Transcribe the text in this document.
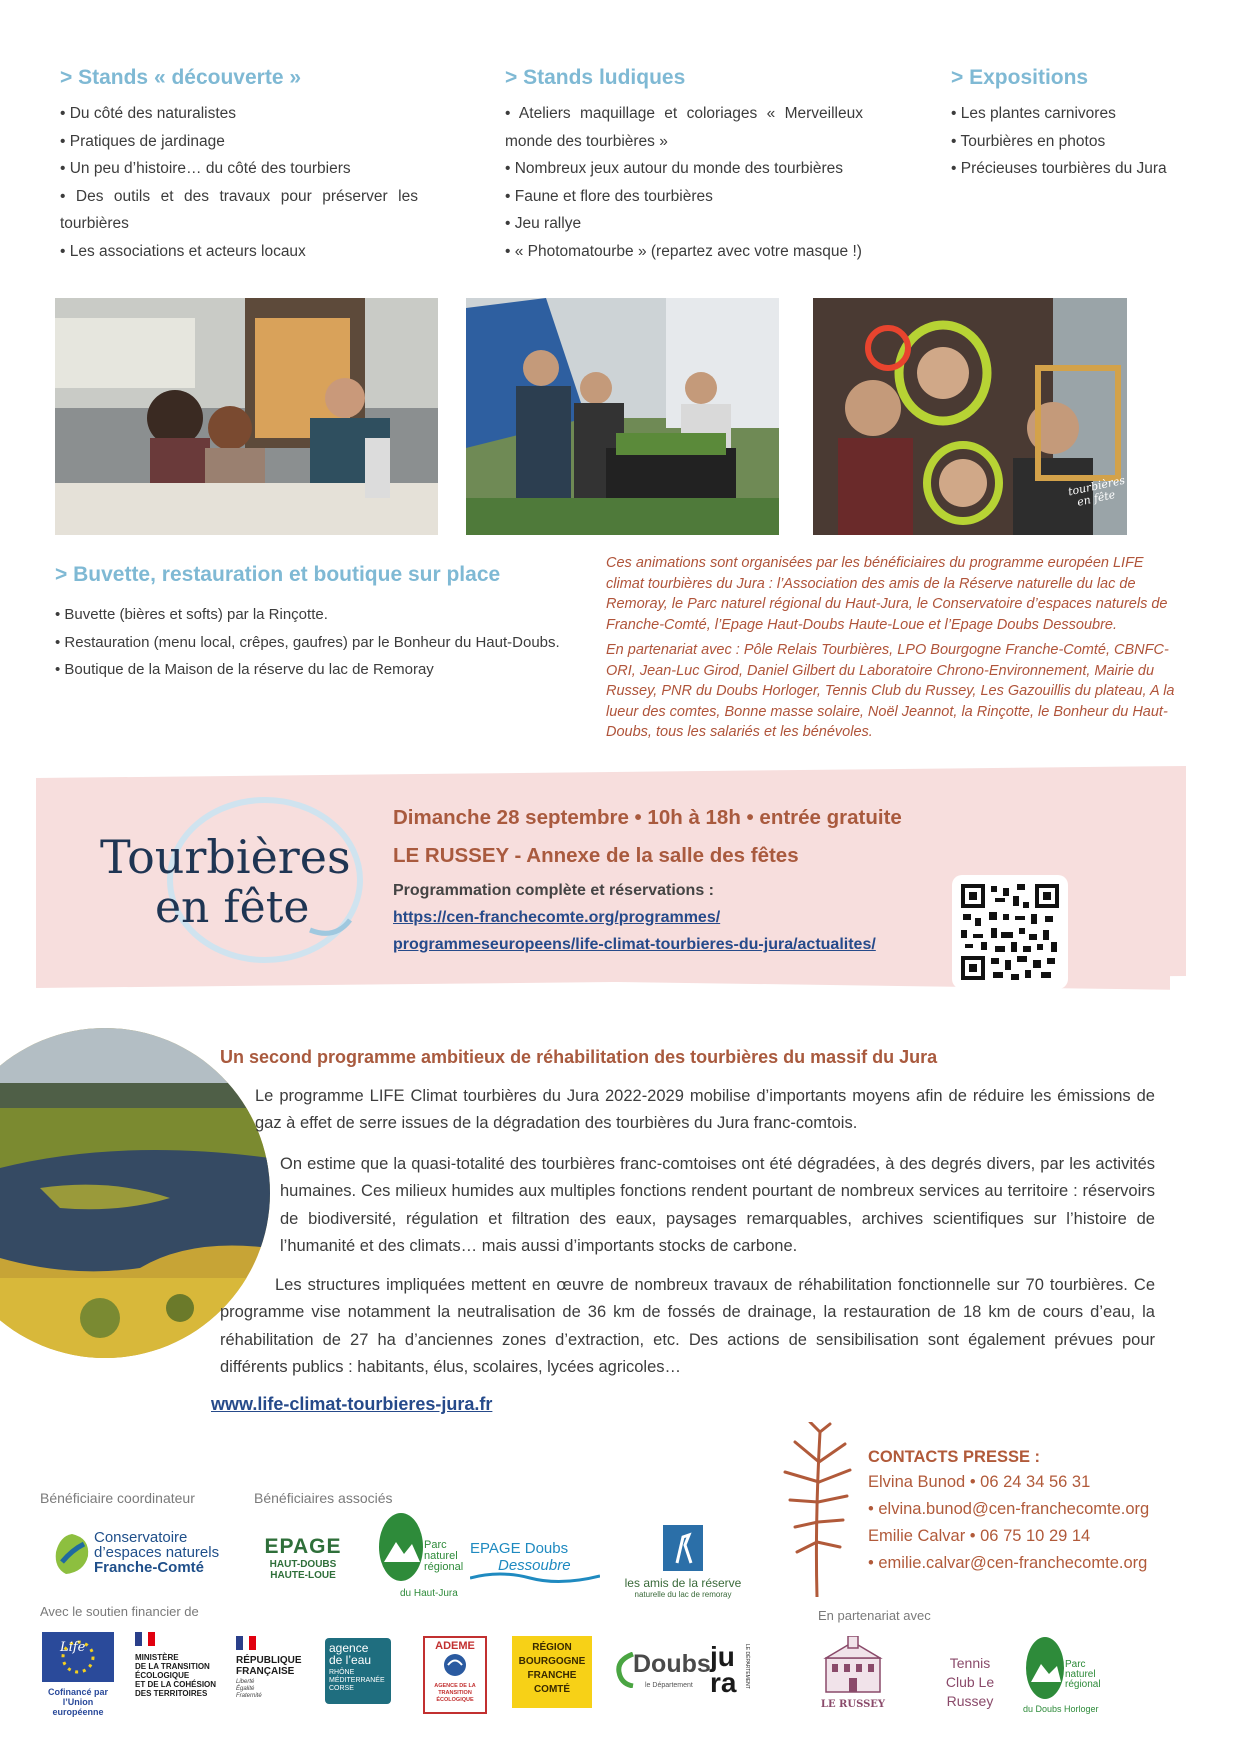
> Stands « découverte »
• Du côté des naturalistes
• Pratiques de jardinage
• Un peu d’histoire… du côté des tourbiers
• Des outils et des travaux pour préserver les tourbières
• Les associations et acteurs locaux
> Stands ludiques
• Ateliers maquillage et coloriages « Merveilleux monde des tourbières »
• Nombreux jeux autour du monde des tourbières
• Faune et flore des tourbières
• Jeu rallye
• « Photomatourbe » (repartez avec votre masque !)
> Expositions
• Les plantes carnivores
• Tourbières en photos
• Précieuses tourbières du Jura
tourbières en fête
> Buvette, restauration et boutique sur place
• Buvette (bières et softs) par la Rinçotte.
• Restauration (menu local, crêpes, gaufres) par le Bonheur du Haut-Doubs.
• Boutique de la Maison de la réserve du lac de Remoray

Ces animations sont organisées par les bénéficiaires du programme européen LIFE climat tourbières du Jura : l’Association des amis de la Réserve naturelle du lac de Remoray, le Parc naturel régional du Haut-Jura, le Conservatoire d’espaces naturels de Franche-Comté, l’Epage Haut-Doubs Haute-Loue et l’Epage Doubs Dessoubre.

En partenariat avec : Pôle Relais Tourbières, LPO Bourgogne Franche-Comté, CBNFC-ORI, Jean-Luc Girod, Daniel Gilbert du Laboratoire Chrono-Environnement, Mairie du Russey, PNR du Doubs Horloger, Tennis Club du Russey, Les Gazouillis du plateau, A la lueur des comtes, Bonne masse solaire, Noël Jeannot, la Rinçotte, le Bonheur du Haut-Doubs, tous les salariés et les bénévoles.

Tourbières
en fête
Dimanche 28 septembre • 10h à 18h • entrée gratuite
LE RUSSEY - Annexe de la salle des fêtes
Programmation complète et réservations :
https://cen-franchecomte.org/programmes/
programmeseuropeens/life-climat-tourbieres-du-jura/actualites/
Un second programme ambitieux de réhabilitation des tourbières du massif du Jura

Le programme LIFE Climat tourbières du Jura 2022-2029 mobilise d’importants moyens afin de réduire les émissions de gaz à effet de serre issues de la dégradation des tourbières du Jura franc-comtois.

On estime que la quasi-totalité des tourbières franc-comtoises ont été dégradées, à des degrés divers, par les activités humaines. Ces milieux humides aux multiples fonctions rendent pourtant de nombreux services au territoire : réservoirs de biodiversité, régulation et filtration des eaux, paysages remarquables, archives scientifiques sur l’histoire de l’humanité et des climats… mais aussi d’importants stocks de carbone.

Les structures impliquées mettent en œuvre de nombreux travaux de réhabilitation fonctionnelle sur 70 tourbières. Ce programme vise notamment la neutralisation de 36 km de fossés de drainage, la restauration de 18 km de cours d’eau, la réhabilitation de 27 ha d’anciennes zones d’extraction, etc. Des actions de sensibilisation sont également prévues pour différents publics : habitants, élus, scolaires, lycées agricoles…

www.life-climat-tourbieres-jura.fr
CONTACTS PRESSE :
Elvina Bunod • 06 24 34 56 31
• elvina.bunod@cen-franchecomte.org
Emilie Calvar • 06 75 10 29 14
• emilie.calvar@cen-franchecomte.org
Bénéficiaire coordinateur	Bénéficiaires associés
Conservatoire
d’espaces naturels
Franche-Comté
EPAGE
HAUT-DOUBS
HAUTE-LOUE
Parc
naturel
régional
du Haut-Jura
EPAGE Doubs
Dessoubre
les amis de la réserve
naturelle du lac de remoray
Avec le soutien financier de
Cofinancé par
l’Union européenne
Life
MINISTÈRE
DE LA TRANSITION
ÉCOLOGIQUE
ET DE LA COHÉSION
DES TERRITOIRES
RÉPUBLIQUE
FRANÇAISE
Liberté
Égalité
Fraternité
agence
de l’eau
RHÔNE
MÉDITERRANÉE
CORSE
ADEME
AGENCE DE LA
TRANSITION
ÉCOLOGIQUE
RÉGION
BOURGOGNE
FRANCHE
COMTÉ
Doubs
le Département
jura	LE DÉPARTEMENT
En partenariat avec
LE RUSSEY
Tennis
Club Le
Russey
Parc
naturel
régional
du Doubs Horloger
